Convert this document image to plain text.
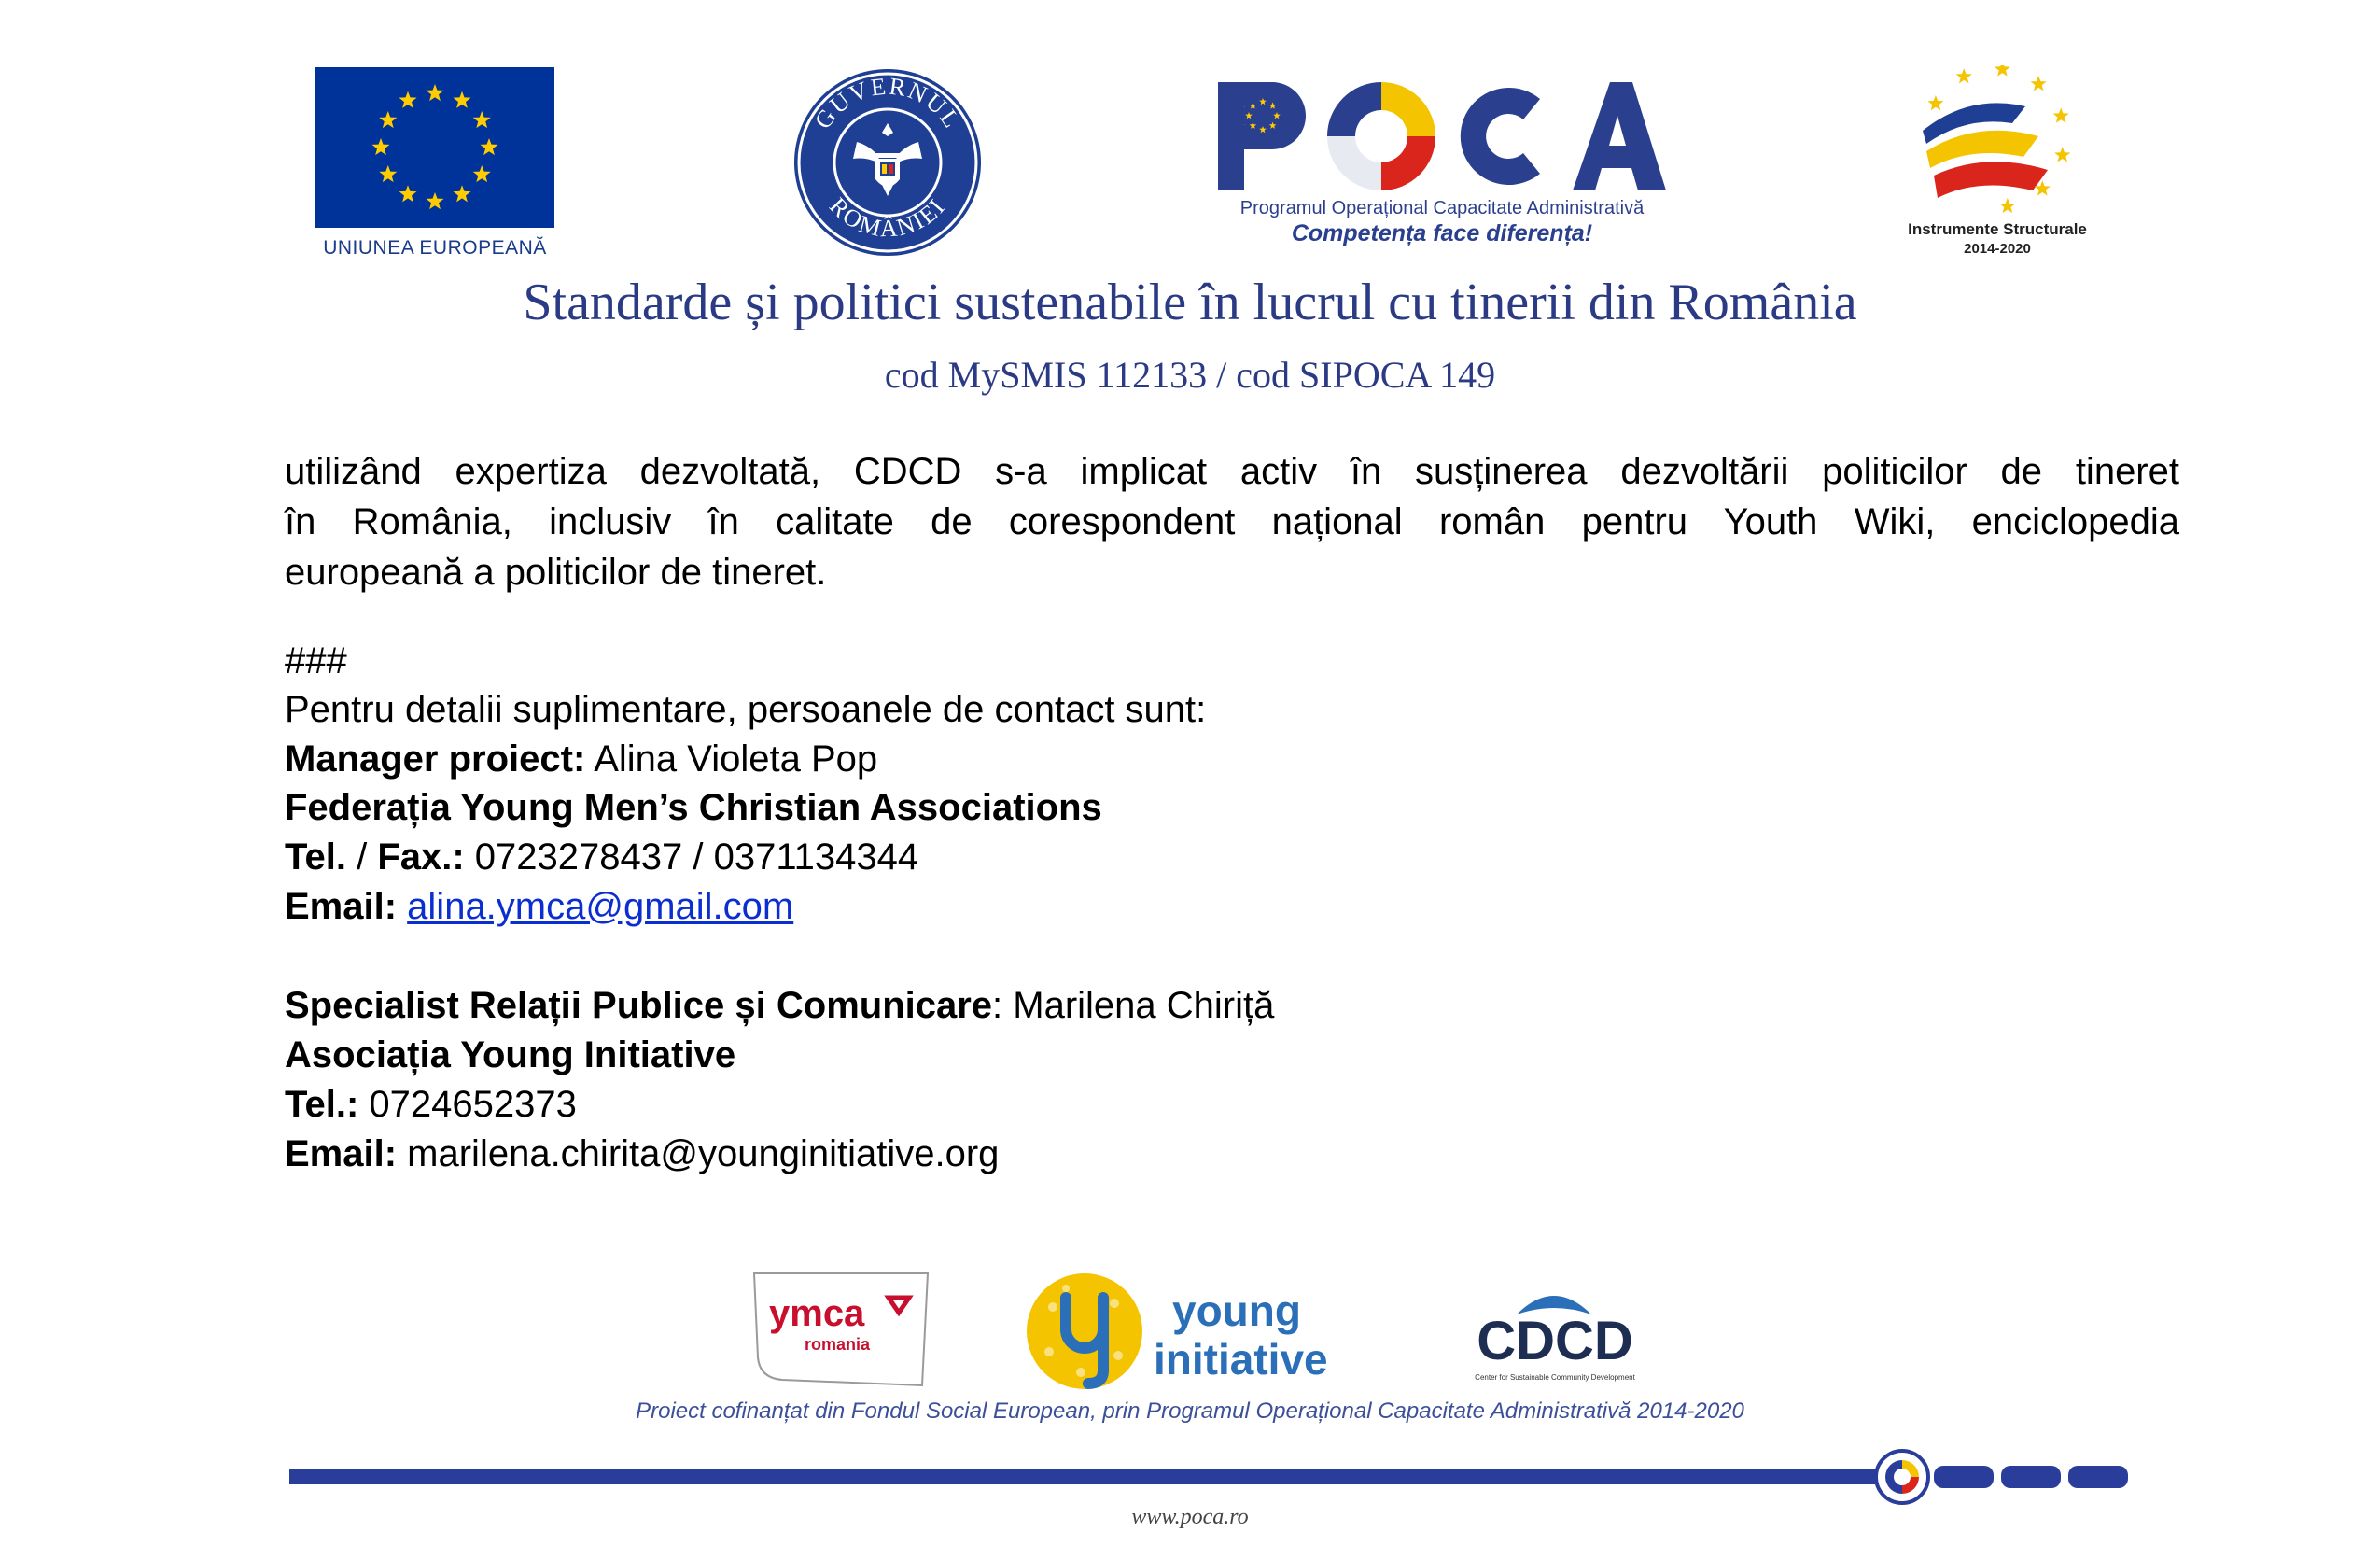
UNIUNEA EUROPEANĂ
GUVERNUL
ROMÂNIEI	Programul Operațional Capacitate Administrativă
Competența face diferența!	Instrumente Structurale
2014-2020
Standarde și politici sustenabile în lucrul cu tinerii din România
cod MySMIS 112133 / cod SIPOCA 149
utilizând expertiza dezvoltată, CDCD s-a implicat activ în susținerea dezvoltării politicilor de tineret
în România, inclusiv în calitate de corespondent național român pentru Youth Wiki, enciclopedia
europeană a politicilor de tineret.
###
Pentru detalii suplimentare, persoanele de contact sunt:
Manager proiect: Alina Violeta Pop
Federația Young Men’s Christian Associations
Tel. / Fax.: 0723278437 / 0371134344
Email: alina.ymca@gmail.com
Specialist Relații Publice și Comunicare: Marilena Chiriță
Asociația Young Initiative
Tel.: 0724652373
Email: marilena.chirita@younginitiative.org
ymca
romania
young
initiative	CDCD
Center for Sustainable Community Development
Proiect cofinanțat din Fondul Social European, prin Programul Operațional Capacitate Administrativă 2014-2020
www.poca.ro
